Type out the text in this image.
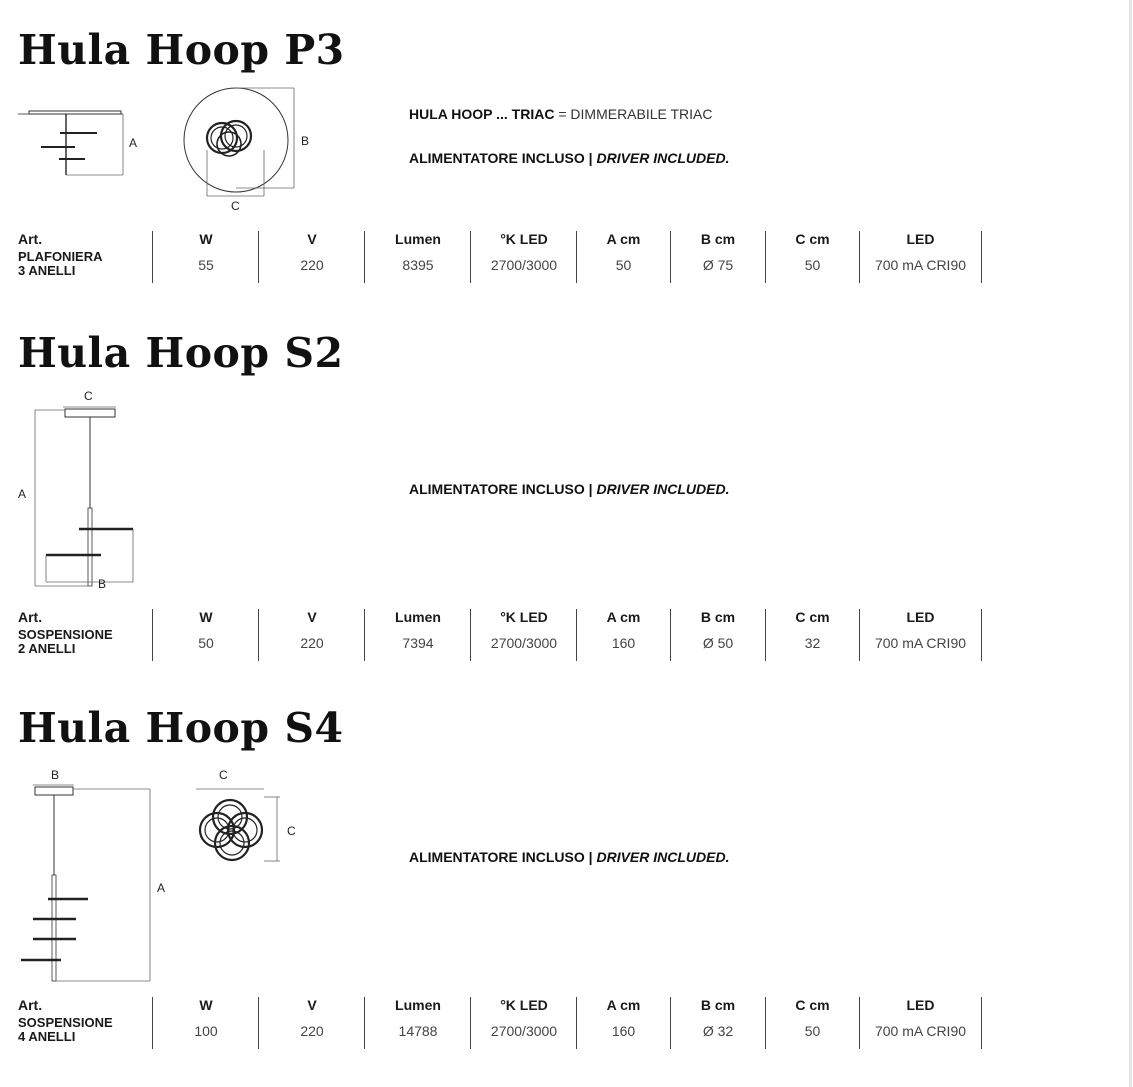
Hula Hoop P3
A	B
C
HULA HOOP ... TRIAC = DIMMERABILE TRIAC
ALIMENTATORE INCLUSO | DRIVER INCLUDED.
Art.
PLAFONIERA
3 ANELLI
W
55
V
220
Lumen
8395
°K LED
2700/3000
A cm
50
B cm
Ø 75
C cm
50
LED
700 mA CRI90
Hula Hoop S2
C
A
B
ALIMENTATORE INCLUSO | DRIVER INCLUDED.
Art.
SOSPENSIONE
2 ANELLI
W
50
V
220
Lumen
7394
°K LED
2700/3000
A cm
160
B cm
Ø 50
C cm
32
LED
700 mA CRI90
Hula Hoop S4
B
A
C
C
ALIMENTATORE INCLUSO | DRIVER INCLUDED.
Art.
SOSPENSIONE
4 ANELLI
W
100
V
220
Lumen
14788
°K LED
2700/3000
A cm
160
B cm
Ø 32
C cm
50
LED
700 mA CRI90
